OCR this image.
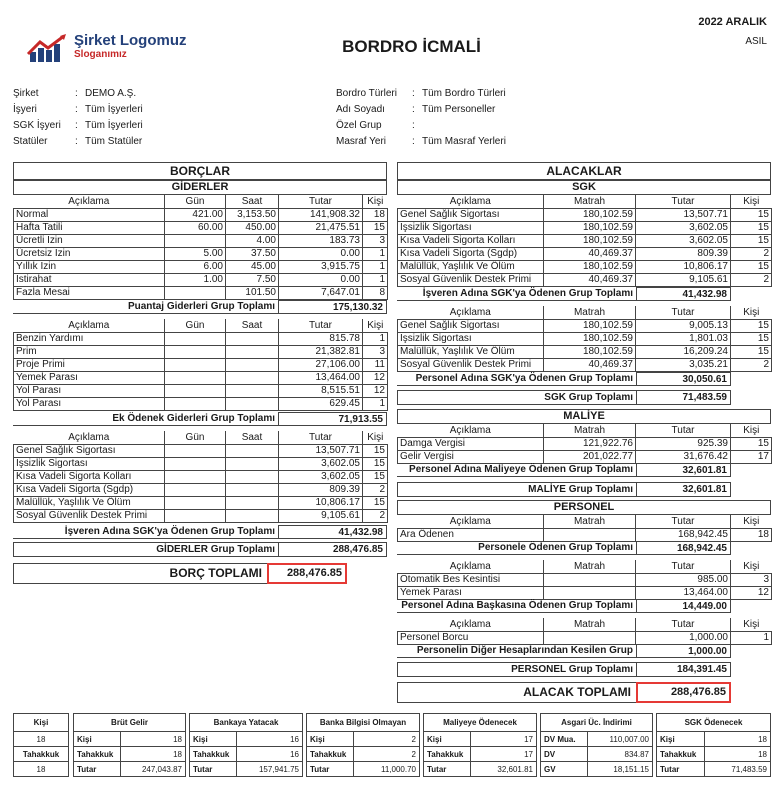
2022 ARALIK
ASIL
Şirket Logomuz
Sloganımız	BORDRO İCMALİ
Şirket	: DEMO A.Ş.
İşyeri	: Tüm İşyerleri
SGK İşyeri	: Tüm İşyerleri
Statüler	: Tüm Statüler
Bordro Türleri	: Tüm Bordro Türleri
Adı Soyadı	: Tüm Personeller
Özel Grup	:
Masraf Yeri	: Tüm Masraf Yerleri
BORÇLAR
GİDERLER
Açıklama	Gün	Saat	Tutar	Kişi
Normal	421.00	3,153.50	141,908.32	18
Hafta Tatili	60.00	450.00	21,475.51	15
Ücretli İzin		4.00	183.73	3
Ücretsiz İzin	5.00	37.50	0.00	1
Yıllık İzin	6.00	45.00	3,915.75	1
İstirahat	1.00	7.50	0.00	1
Fazla Mesai		101.50	7,647.01	8
Puantaj Giderleri Grup Toplamı	175,130.32
Açıklama	Gün	Saat	Tutar	Kişi
Benzin Yardımı			815.78	1
Prim			21,382.81	3
Proje Primi			27,106.00	11
Yemek Parası			13,464.00	12
Yol Parası			8,515.51	12
Yol Parası			629.45	1
Ek Ödenek Giderleri Grup Toplamı	71,913.55
Açıklama	Gün	Saat	Tutar	Kişi
Genel Sağlık Sigortası			13,507.71	15
İşsizlik Sigortası			3,602.05	15
Kısa Vadeli Sigorta Kolları			3,602.05	15
Kısa Vadeli Sigorta (Sgdp)			809.39	2
Malüllük, Yaşlılık Ve Ölüm			10,806.17	15
Sosyal Güvenlik Destek Primi			9,105.61	2
İşveren Adına SGK'ya Ödenen Grup Toplamı	41,432.98
GİDERLER Grup Toplamı	288,476.85
BORÇ TOPLAMI	288,476.85
ALACAKLAR
SGK
Açıklama	Matrah	Tutar	Kişi
Genel Sağlık Sigortası	180,102.59	13,507.71	15
İşsizlik Sigortası	180,102.59	3,602.05	15
Kısa Vadeli Sigorta Kolları	180,102.59	3,602.05	15
Kısa Vadeli Sigorta (Sgdp)	40,469.37	809.39	2
Malüllük, Yaşlılık Ve Ölüm	180,102.59	10,806.17	15
Sosyal Güvenlik Destek Primi	40,469.37	9,105.61	2
İşveren Adına SGK'ya Ödenen Grup Toplamı	41,432.98
Açıklama	Matrah	Tutar	Kişi
Genel Sağlık Sigortası	180,102.59	9,005.13	15
İşsizlik Sigortası	180,102.59	1,801.03	15
Malüllük, Yaşlılık Ve Ölüm	180,102.59	16,209.24	15
Sosyal Güvenlik Destek Primi	40,469.37	3,035.21	2
Personel Adına SGK'ya Ödenen Grup Toplamı	30,050.61
SGK Grup Toplamı	71,483.59
MALİYE
Açıklama	Matrah	Tutar	Kişi
Damga Vergisi	121,922.76	925.39	15
Gelir Vergisi	201,022.77	31,676.42	17
Personel Adına Maliyeye Ödenen Grup Toplamı	32,601.81
MALİYE Grup Toplamı	32,601.81
PERSONEL
Açıklama	Matrah	Tutar	Kişi
Ara Ödenen		168,942.45	18
Personele Ödenen Grup Toplamı	168,942.45
Açıklama	Matrah	Tutar	Kişi
Otomatik Bes Kesintisi		985.00	3
Yemek Parası		13,464.00	12
Personel Adına Başkasına Ödenen Grup Toplamı	14,449.00
Açıklama	Matrah	Tutar	Kişi
Personel Borcu		1,000.00	1
Personelin Diğer Hesaplarından Kesilen Grup	1,000.00
PERSONEL Grup Toplamı	184,391.45
ALACAK TOPLAMI	288,476.85
Kişi
18
Tahakkuk
18
Brüt Gelir	
Kişi	18
Tahakkuk	18
Tutar	247,043.87
Bankaya Yatacak	
Kişi	16
Tahakkuk	16
Tutar	157,941.75
Banka Bilgisi Olmayan	
Kişi	2
Tahakkuk	2
Tutar	11,000.70
Maliyeye Ödenecek	
Kişi	17
Tahakkuk	17
Tutar	32,601.81
Asgari Üc. İndirimi	
DV Mua.	110,007.00
DV	834.87
GV	18,151.15
SGK Ödenecek	
Kişi	18
Tahakkuk	18
Tutar	71,483.59
